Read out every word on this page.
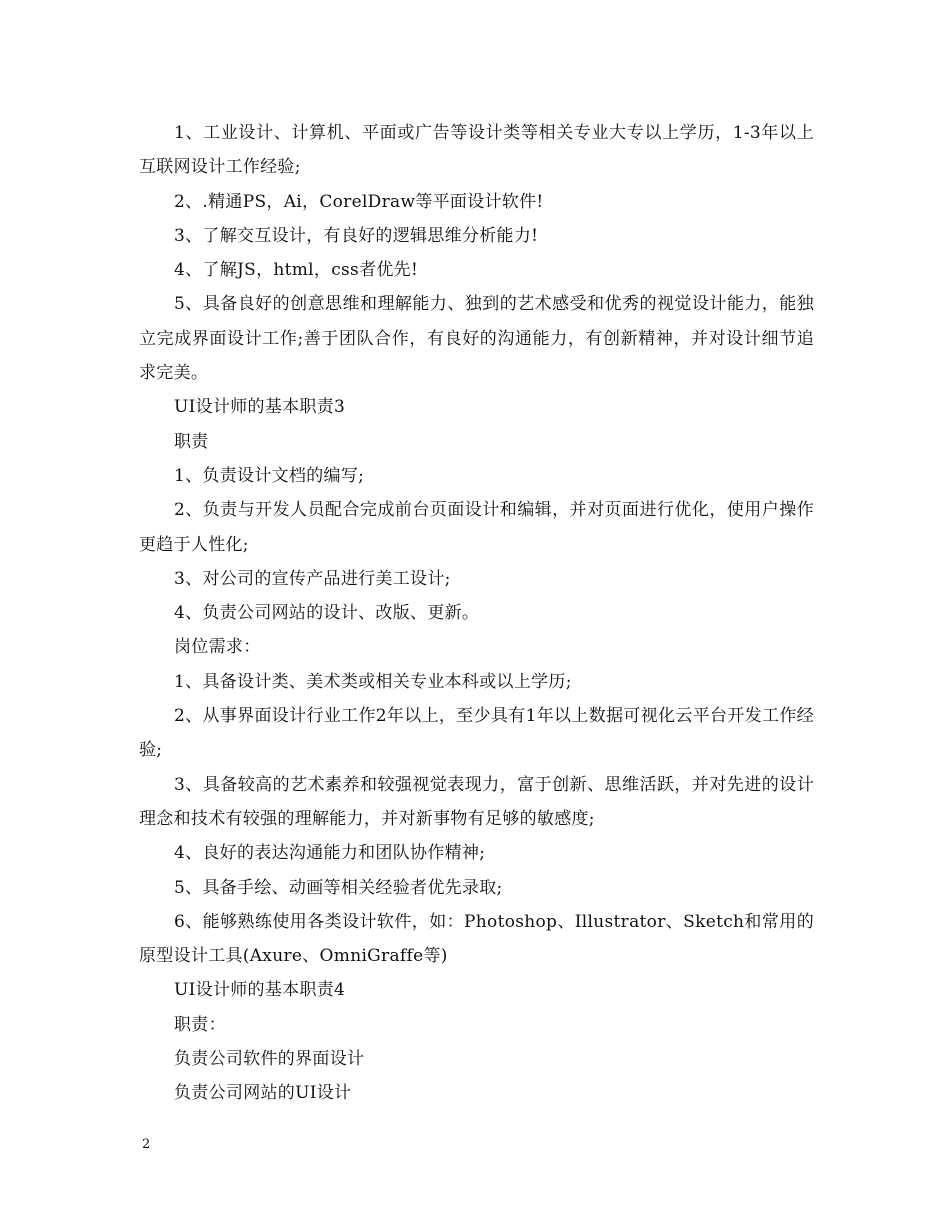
1、工业设计、计算机、平面或广告等设计类等相关专业大专以上学历，1-3年以上互联网设计工作经验;

2、.精通PS，Ai，CorelDraw等平面设计软件!

3、了解交互设计，有良好的逻辑思维分析能力!

4、了解JS，html，css者优先!

5、具备良好的创意思维和理解能力、独到的艺术感受和优秀的视觉设计能力，能独立完成界面设计工作;善于团队合作，有良好的沟通能力，有创新精神，并对设计细节追求完美。

UI设计师的基本职责3

职责

1、负责设计文档的编写;

2、负责与开发人员配合完成前台页面设计和编辑，并对页面进行优化，使用户操作更趋于人性化;

3、对公司的宣传产品进行美工设计;

4、负责公司网站的设计、改版、更新。

岗位需求：

1、具备设计类、美术类或相关专业本科或以上学历;

2、从事界面设计行业工作2年以上，至少具有1年以上数据可视化云平台开发工作经验;

3、具备较高的艺术素养和较强视觉表现力，富于创新、思维活跃，并对先进的设计理念和技术有较强的理解能力，并对新事物有足够的敏感度;

4、良好的表达沟通能力和团队协作精神;

5、具备手绘、动画等相关经验者优先录取;

6、能够熟练使用各类设计软件，如：Photoshop、Illustrator、Sketch和常用的原型设计工具(Axure、OmniGraffe等)

UI设计师的基本职责4

职责：

负责公司软件的界面设计

负责公司网站的UI设计

2
